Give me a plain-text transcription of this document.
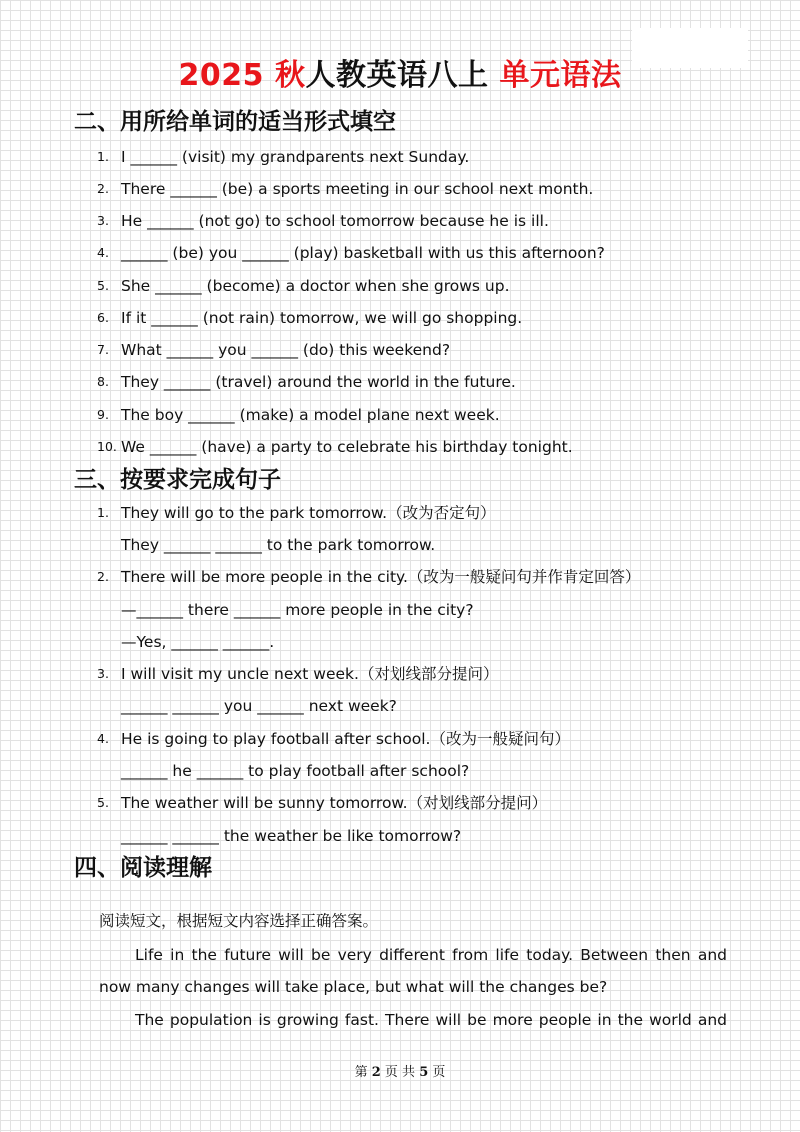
2025 秋人教英语八上 单元语法
二、用所给单词的适当形式填空
1. I ______ (visit) my grandparents next Sunday.
2. There ______ (be) a sports meeting in our school next month.
3. He ______ (not go) to school tomorrow because he is ill.
4. ______ (be) you ______ (play) basketball with us this afternoon?
5. She ______ (become) a doctor when she grows up.
6. If it ______ (not rain) tomorrow, we will go shopping.
7. What ______ you ______ (do) this weekend?
8. They ______ (travel) around the world in the future.
9. The boy ______ (make) a model plane next week.
10. We ______ (have) a party to celebrate his birthday tonight.
三、按要求完成句子
1. They will go to the park tomorrow.（改为否定句）
They ______ ______ to the park tomorrow.
2. There will be more people in the city.（改为一般疑问句并作肯定回答）
—______ there ______ more people in the city?
—Yes, ______ ______.
3. I will visit my uncle next week.（对划线部分提问）
______ ______ you ______ next week?
4. He is going to play football after school.（改为一般疑问句）
______ he ______ to play football after school?
5. The weather will be sunny tomorrow.（对划线部分提问）
______ ______ the weather be like tomorrow?
四、阅读理解
阅读短文，根据短文内容选择正确答案。
Life in the future will be very different from life today. Between then and
now many changes will take place, but what will the changes be?
The population is growing fast. There will be more people in the world and
第 2 页 共 5 页
